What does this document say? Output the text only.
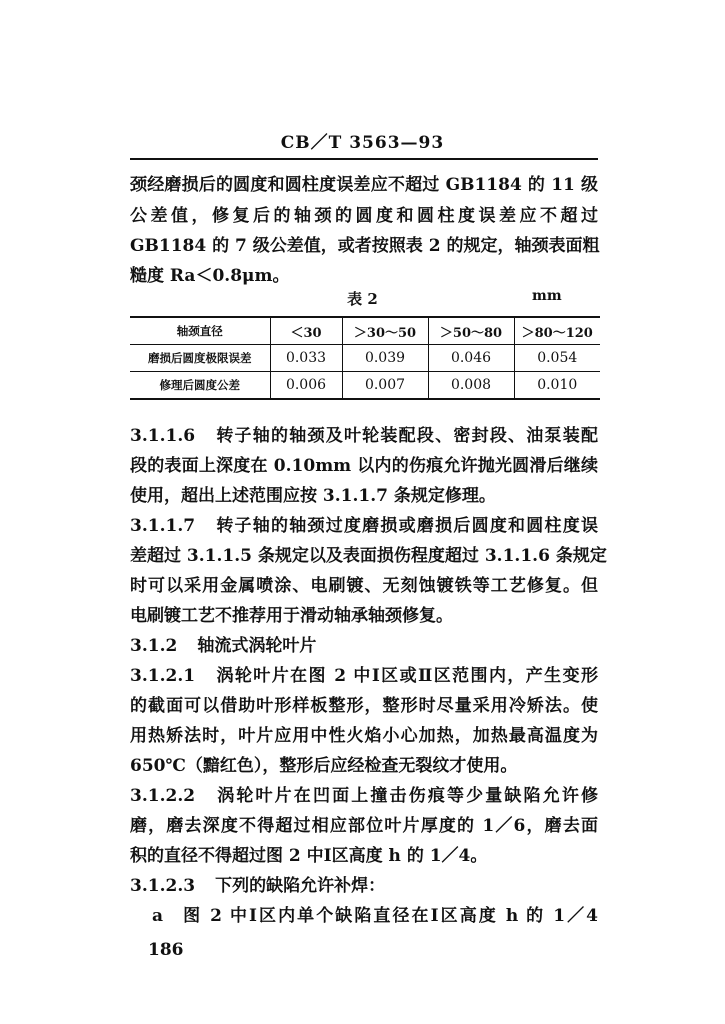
CB／T 3563—93
颈经磨损后的圆度和圆柱度误差应不超过 GB1184 的 11 级
公差值，修复后的轴颈的圆度和圆柱度误差应不超过
GB1184 的 7 级公差值，或者按照表 2 的规定，轴颈表面粗
糙度 Ra＜0.8μm。
表 2	mm
轴颈直径	＜30	＞30～50	＞50～80	＞80～120
磨损后圆度极限误差	0.033	0.039	0.046	0.054
修理后圆度公差	0.006	0.007	0.008	0.010
3.1.1.6 转子轴的轴颈及叶轮装配段、密封段、油泵装配
段的表面上深度在 0.10mm 以内的伤痕允许抛光圆滑后继续
使用，超出上述范围应按 3.1.1.7 条规定修理。
3.1.1.7 转子轴的轴颈过度磨损或磨损后圆度和圆柱度误
差超过 3.1.1.5 条规定以及表面损伤程度超过 3.1.1.6 条规定
时可以采用金属喷涂、电刷镀、无刻蚀镀铁等工艺修复。但
电刷镀工艺不推荐用于滑动轴承轴颈修复。
3.1.2 轴流式涡轮叶片
3.1.2.1 涡轮叶片在图 2 中Ⅰ区或Ⅱ区范围内，产生变形
的截面可以借助叶形样板整形，整形时尽量采用冷矫法。使
用热矫法时，叶片应用中性火焰小心加热，加热最高温度为
650℃（黯红色），整形后应经检查无裂纹才使用。
3.1.2.2 涡轮叶片在凹面上撞击伤痕等少量缺陷允许修
磨，磨去深度不得超过相应部位叶片厚度的 1／6，磨去面
积的直径不得超过图 2 中Ⅰ区高度 h 的 1／4。
3.1.2.3 下列的缺陷允许补焊：
a 图 2 中Ⅰ区内单个缺陷直径在Ⅰ区高度 h 的 1／4
186
